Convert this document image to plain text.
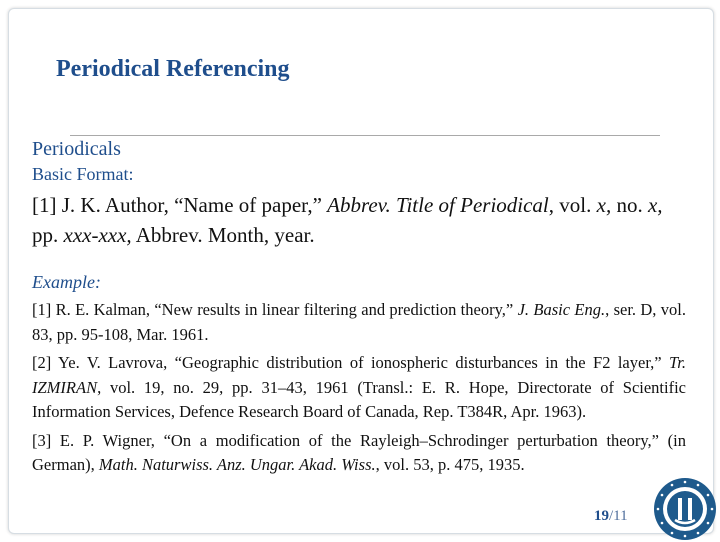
Periodical Referencing
Periodicals
Basic Format:
[1] J. K. Author, “Name of paper,” Abbrev. Title of Periodical, vol. x, no. x, pp. xxx-xxx, Abbrev. Month, year.
Example:

[1] R. E. Kalman, “New results in linear filtering and prediction theory,” J. Basic Eng., ser. D, vol. 83, pp. 95-108, Mar. 1961.

[2] Ye. V. Lavrova, “Geographic distribution of ionospheric disturbances in the F2 layer,” Tr. IZMIRAN, vol. 19, no. 29, pp. 31–43, 1961 (Transl.: E. R. Hope, Directorate of Scientific Information Services, Defence Research Board of Canada, Rep. T384R, Apr. 1963).

[3] E. P. Wigner, “On a modification of the Rayleigh–Schrodinger perturbation theory,” (in German), Math. Naturwiss. Anz. Ungar. Akad. Wiss., vol. 53, p. 475, 1935.

19/11
